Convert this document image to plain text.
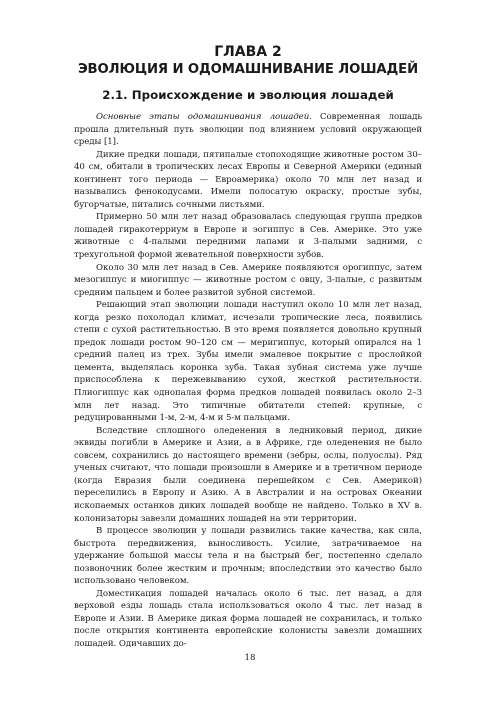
ГЛАВА 2
ЭВОЛЮЦИЯ И ОДОМАШНИВАНИЕ ЛОШАДЕЙ
2.1. Происхождение и эволюция лошадей

Основные этапы одомашнивания лошадей. Современная лошадь прошла длительный путь эволюции под влиянием условий окружающей среды [1].

Дикие предки лошади, пятипалые стопоходящие животные ростом 30–40 см, обитали в тропических лесах Европы и Северной Америки (единый континент того периода — Евроамерика) около 70 млн лет назад и назывались фенокодусами. Имели полосатую окраску, простые зубы, бугорчатые, питались сочными листьями.

Примерно 50 млн лет назад образовалась следующая группа предков лошадей гиракотерриум в Европе и эогиппус в Сев. Америке. Это уже животные с 4-палыми передними лапами и 3-палыми задними, с трехугольной формой жевательной поверхности зубов.

Около 30 млн лет назад в Сев. Америке появляются орогиппус, затем мезогиппус и миогиппус — животные ростом с овцу, 3-палые, с развитым средним пальцем и более развитой зубной системой.

Решающий этап эволюции лошади наступил около 10 млн лет назад, когда резко похолодал климат, исчезали тропические леса, появились степи с сухой растительностью. В это время появляется довольно крупный предок лошади ростом 90–120 см — меригиппус, который опирался на 1 средний палец из трех. Зубы имели эмалевое покрытие с прослойкой цемента, выделялась коронка зуба. Такая зубная система уже лучше приспособлена к пережевыванию сухой, жесткой растительности. Плиогиппус как однопалая форма предков лошадей появилась около 2–3 млн лет назад. Это типичные обитатели степей: крупные, с редуцированными 1-м, 2-м, 4-м и 5-м пальцами.

Вследствие сплошного оледенения в ледниковый период, дикие эквиды погибли в Америке и Азии, а в Африке, где оледенения не было совсем, сохранились до настоящего времени (зебры, ослы, полуослы). Ряд ученых считают, что лошади произошли в Америке и в третичном периоде (когда Евразия были соединена перешейком с Сев. Америкой) переселились в Европу и Азию. А в Австралии и на островах Океании ископаемых останков диких лошадей вообще не найдено. Только в XV в. колонизаторы завезли домашних лошадей на эти территории.

В процессе эволюции у лошади развились такие качества, как сила, быстрота передвижения, выносливость. Усилие, затрачиваемое на удержание большой массы тела и на быстрый бег, постепенно сделало позвоночник более жестким и прочным; впоследствии это качество было использовано человеком.

Доместикация лошадей началась около 6 тыс. лет назад, а для верховой езды лошадь стала использоваться около 4 тыс. лет назад в Европе и Азии. В Америке дикая форма лошадей не сохранилась, и только после открытия континента европейские колонисты завезли домашних лошадей. Одичавших до-

18
